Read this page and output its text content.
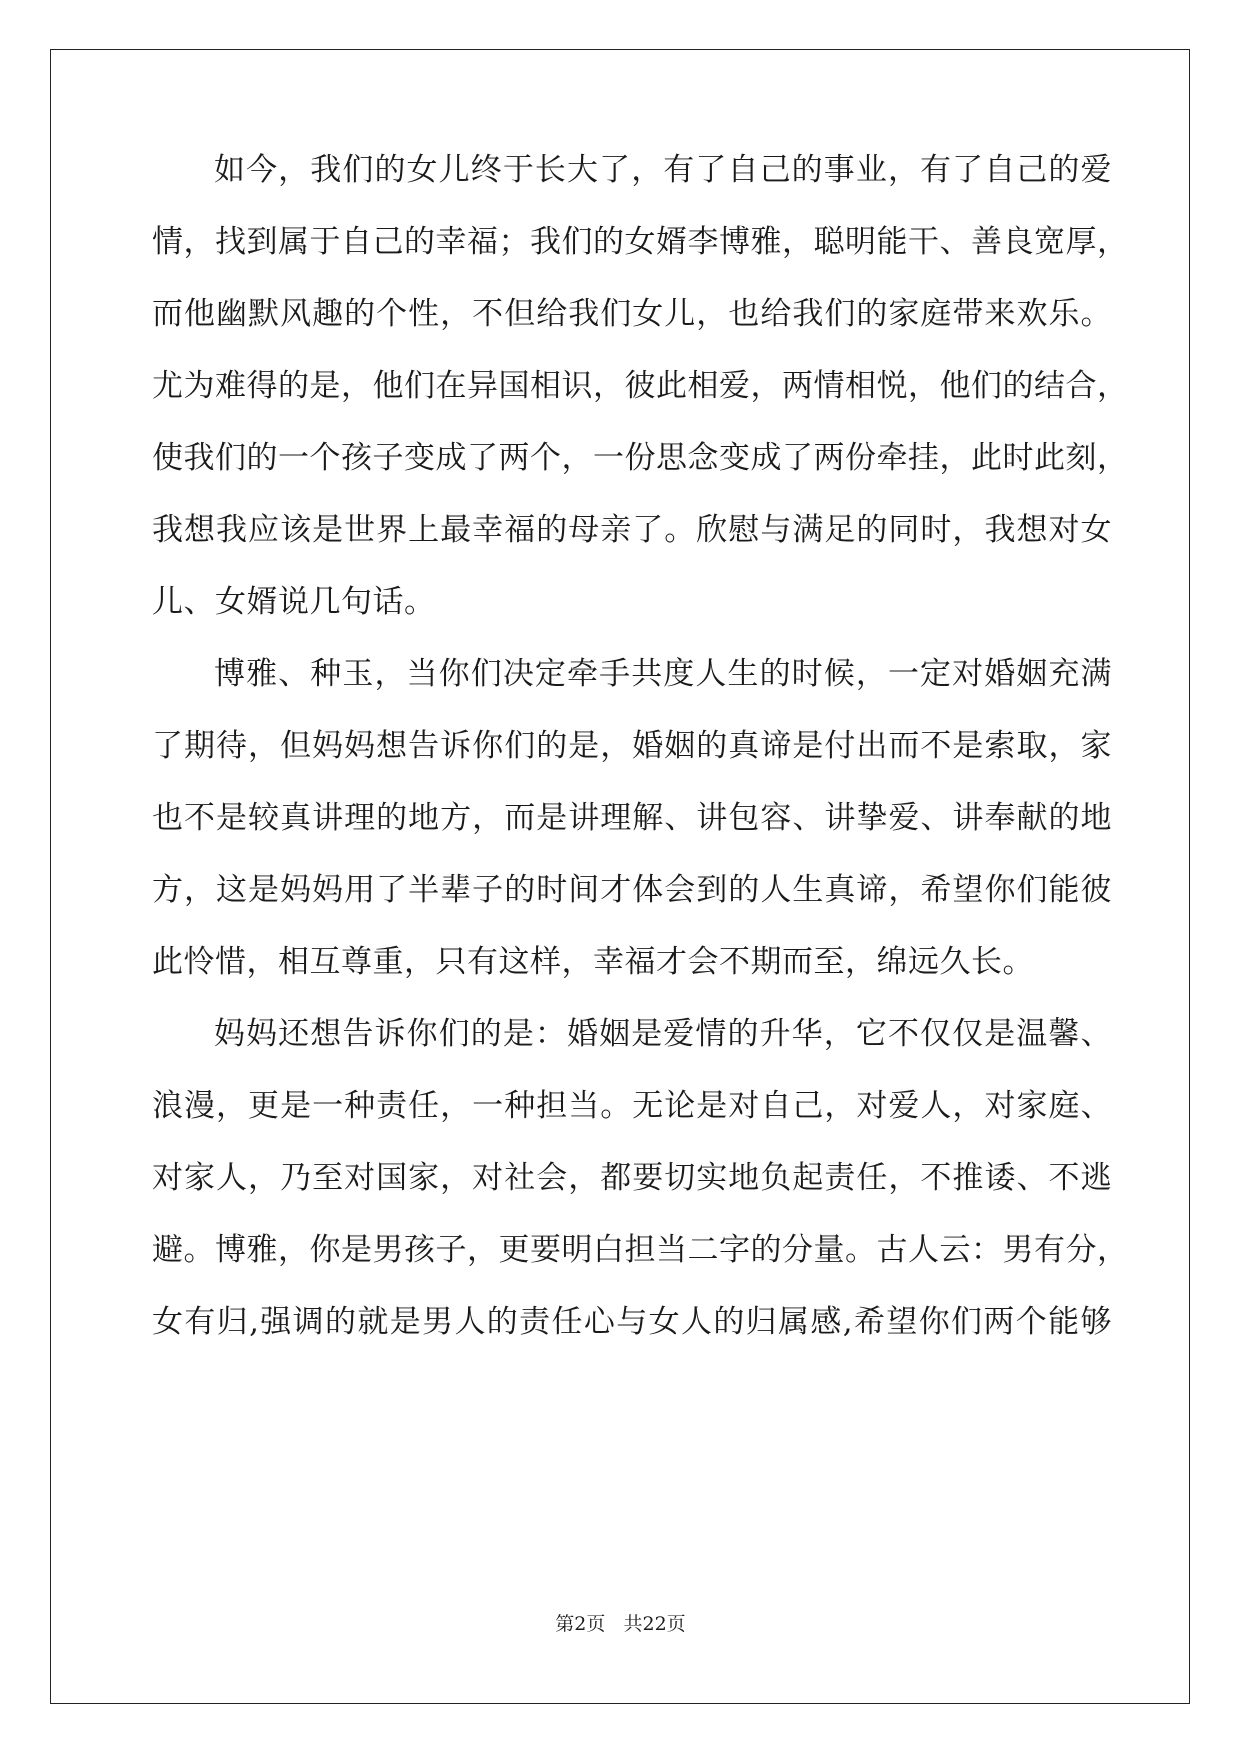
如今，我们的女儿终于长大了，有了自己的事业，有了自己的爱
情，找到属于自己的幸福；我们的女婿李博雅，聪明能干、善良宽厚，
而他幽默风趣的个性，不但给我们女儿，也给我们的家庭带来欢乐。
尤为难得的是，他们在异国相识，彼此相爱，两情相悦，他们的结合，
使我们的一个孩子变成了两个，一份思念变成了两份牵挂，此时此刻，
我想我应该是世界上最幸福的母亲了。欣慰与满足的同时，我想对女
儿、女婿说几句话。
博雅、种玉，当你们决定牵手共度人生的时候，一定对婚姻充满
了期待，但妈妈想告诉你们的是，婚姻的真谛是付出而不是索取，家
也不是较真讲理的地方，而是讲理解、讲包容、讲挚爱、讲奉献的地
方，这是妈妈用了半辈子的时间才体会到的人生真谛，希望你们能彼
此怜惜，相互尊重，只有这样，幸福才会不期而至，绵远久长。
妈妈还想告诉你们的是：婚姻是爱情的升华，它不仅仅是温馨、
浪漫，更是一种责任，一种担当。无论是对自己，对爱人，对家庭、
对家人，乃至对国家，对社会，都要切实地负起责任，不推诿、不逃
避。博雅，你是男孩子，更要明白担当二字的分量。古人云：男有分，
女有归,强调的就是男人的责任心与女人的归属感,希望你们两个能够
第2页   共22页
